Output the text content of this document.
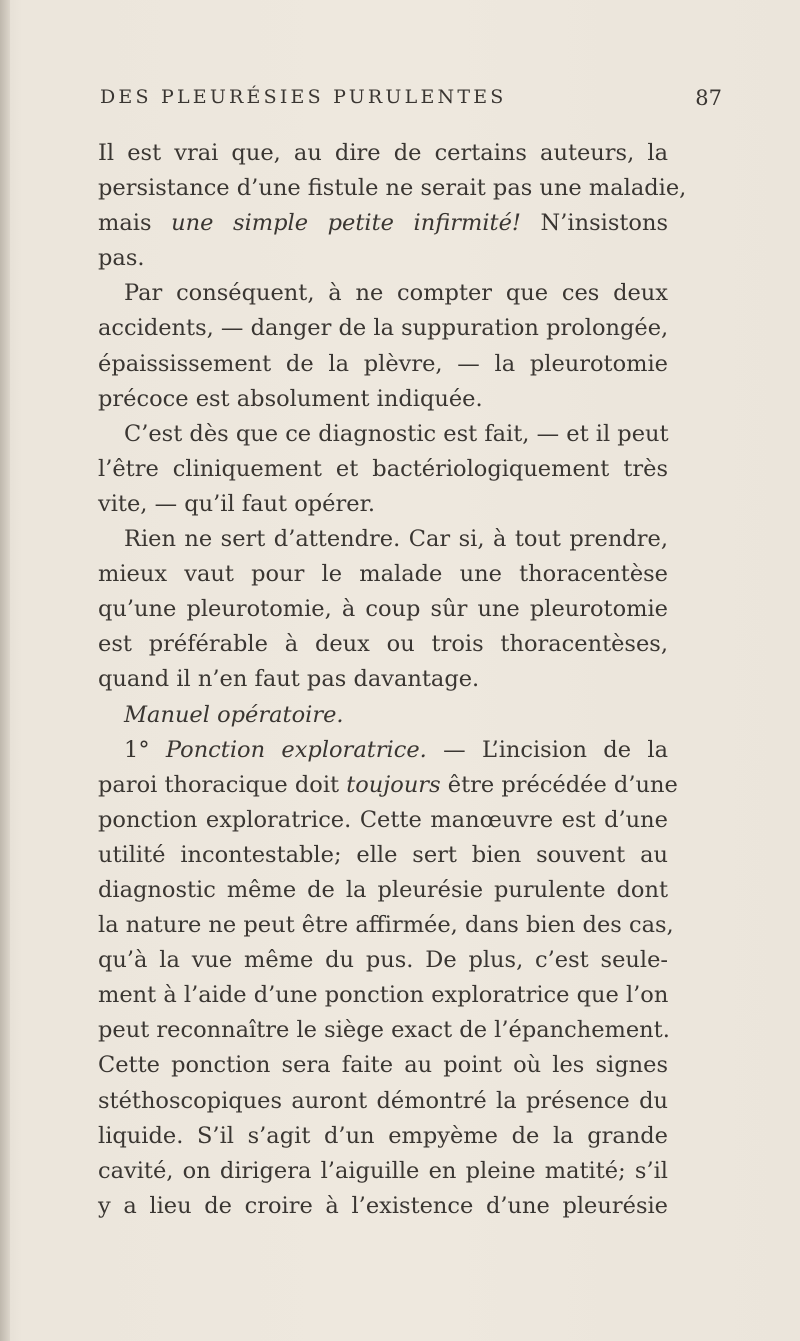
DES PLEURÉSIES PURULENTES	87
Il est vrai que, au dire de certains auteurs, la
persistance d’une fistule ne serait pas une maladie,
mais une simple petite infirmité! N’insistons
pas.
Par conséquent, à ne compter que ces deux
accidents, — danger de la suppuration prolongée,
épaississement de la plèvre, — la pleurotomie
précoce est absolument indiquée.
C’est dès que ce diagnostic est fait, — et il peut
l’être cliniquement et bactériologiquement très
vite, — qu’il faut opérer.
Rien ne sert d’attendre. Car si, à tout prendre,
mieux vaut pour le malade une thoracentèse
qu’une pleurotomie, à coup sûr une pleurotomie
est préférable à deux ou trois thoracentèses,
quand il n’en faut pas davantage.
Manuel opératoire.
1° Ponction exploratrice. — L’incision de la
paroi thoracique doit toujours être précédée d’une
ponction exploratrice. Cette manœuvre est d’une
utilité incontestable; elle sert bien souvent au
diagnostic même de la pleurésie purulente dont
la nature ne peut être affirmée, dans bien des cas,
qu’à la vue même du pus. De plus, c’est seule-
ment à l’aide d’une ponction exploratrice que l’on
peut reconnaître le siège exact de l’épanchement.
Cette ponction sera faite au point où les signes
stéthoscopiques auront démontré la présence du
liquide. S’il s’agit d’un empyème de la grande
cavité, on dirigera l’aiguille en pleine matité; s’il
y a lieu de croire à l’existence d’une pleurésie
